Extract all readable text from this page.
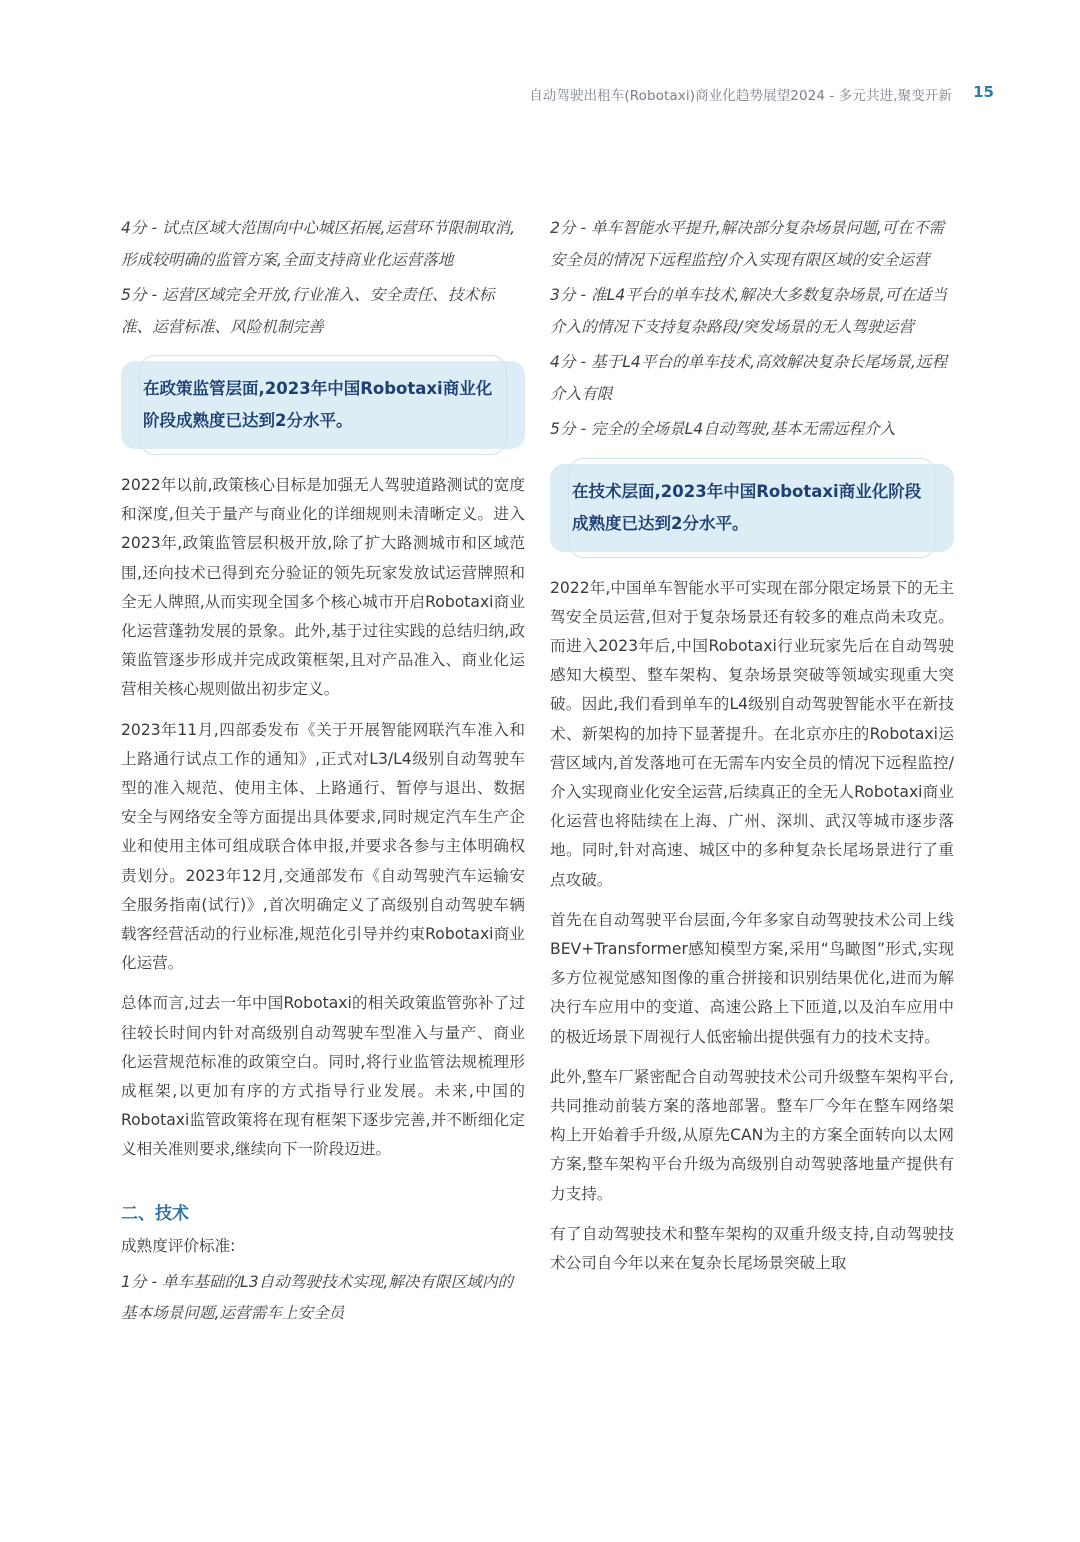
自动驾驶出租车(Robotaxi)商业化趋势展望2024 - 多元共进,聚变开新 15

4分 - 试点区域大范围向中心城区拓展,运营环节限制取消,形成较明确的监管方案,全面支持商业化运营落地

5分 - 运营区域完全开放,行业准入、安全责任、技术标准、运营标准、风险机制完善

在政策监管层面,2023年中国Robotaxi商业化阶段成熟度已达到2分水平。

2022年以前,政策核心目标是加强无人驾驶道路测试的宽度和深度,但关于量产与商业化的详细规则未清晰定义。进入2023年,政策监管层积极开放,除了扩大路测城市和区域范围,还向技术已得到充分验证的领先玩家发放试运营牌照和全无人牌照,从而实现全国多个核心城市开启Robotaxi商业化运营蓬勃发展的景象。此外,基于过往实践的总结归纳,政策监管逐步形成并完成政策框架,且对产品准入、商业化运营相关核心规则做出初步定义。

2023年11月,四部委发布《关于开展智能网联汽车准入和上路通行试点工作的通知》,正式对L3/L4级别自动驾驶车型的准入规范、使用主体、上路通行、暂停与退出、数据安全与网络安全等方面提出具体要求,同时规定汽车生产企业和使用主体可组成联合体申报,并要求各参与主体明确权责划分。2023年12月,交通部发布《自动驾驶汽车运输安全服务指南(试行)》,首次明确定义了高级别自动驾驶车辆载客经营活动的行业标准,规范化引导并约束Robotaxi商业化运营。

总体而言,过去一年中国Robotaxi的相关政策监管弥补了过往较长时间内针对高级别自动驾驶车型准入与量产、商业化运营规范标准的政策空白。同时,将行业监管法规梳理形成框架,以更加有序的方式指导行业发展。未来,中国的Robotaxi监管政策将在现有框架下逐步完善,并不断细化定义相关准则要求,继续向下一阶段迈进。

二、技术

成熟度评价标准:

1分 - 单车基础的L3自动驾驶技术实现,解决有限区域内的基本场景问题,运营需车上安全员

2分 - 单车智能水平提升,解决部分复杂场景问题,可在不需安全员的情况下远程监控/介入实现有限区域的安全运营

3分 - 准L4平台的单车技术,解决大多数复杂场景,可在适当介入的情况下支持复杂路段/突发场景的无人驾驶运营

4分 - 基于L4平台的单车技术,高效解决复杂长尾场景,远程介入有限

5分 - 完全的全场景L4自动驾驶,基本无需远程介入

在技术层面,2023年中国Robotaxi商业化阶段成熟度已达到2分水平。

2022年,中国单车智能水平可实现在部分限定场景下的无主驾安全员运营,但对于复杂场景还有较多的难点尚未攻克。而进入2023年后,中国Robotaxi行业玩家先后在自动驾驶感知大模型、整车架构、复杂场景突破等领域实现重大突破。因此,我们看到单车的L4级别自动驾驶智能水平在新技术、新架构的加持下显著提升。在北京亦庄的Robotaxi运营区域内,首发落地可在无需车内安全员的情况下远程监控/介入实现商业化安全运营,后续真正的全无人Robotaxi商业化运营也将陆续在上海、广州、深圳、武汉等城市逐步落地。同时,针对高速、城区中的多种复杂长尾场景进行了重点攻破。

首先在自动驾驶平台层面,今年多家自动驾驶技术公司上线BEV+Transformer感知模型方案,采用“鸟瞰图”形式,实现多方位视觉感知图像的重合拼接和识别结果优化,进而为解决行车应用中的变道、高速公路上下匝道,以及泊车应用中的极近场景下周视行人低密输出提供强有力的技术支持。

此外,整车厂紧密配合自动驾驶技术公司升级整车架构平台,共同推动前装方案的落地部署。整车厂今年在整车网络架构上开始着手升级,从原先CAN为主的方案全面转向以太网方案,整车架构平台升级为高级别自动驾驶落地量产提供有力支持。

有了自动驾驶技术和整车架构的双重升级支持,自动驾驶技术公司自今年以来在复杂长尾场景突破上取
